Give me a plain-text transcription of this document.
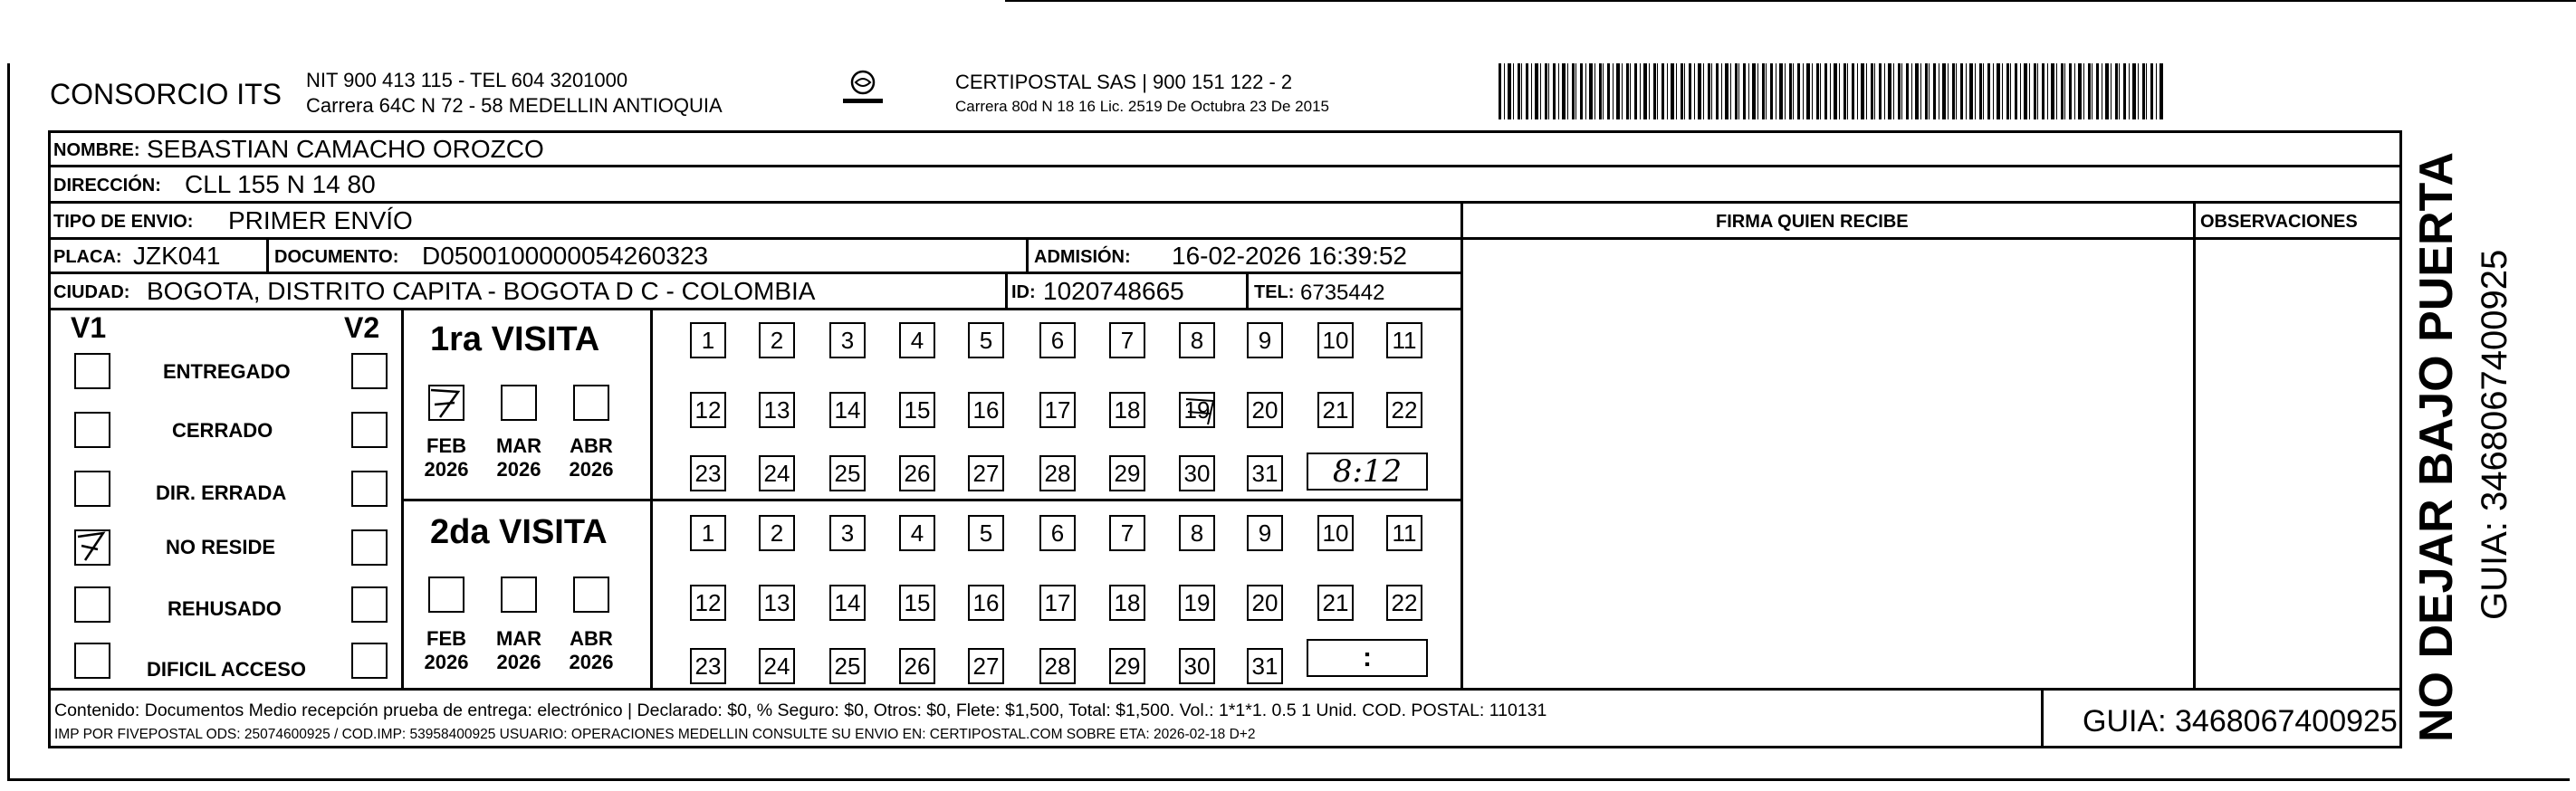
CONSORCIO ITS NIT 900 413 115 - TEL 604 3201000
Carrera 64C N 72 - 58 MEDELLIN ANTIOQUIA
CERTIPOSTAL SAS | 900 151 122 - 2
Carrera 80d N 18 16 Lic. 2519 De Octubra 23 De 2015
NOMBRE: SEBASTIAN CAMACHO OROZCO
DIRECCIÓN: CLL 155 N 14 80
TIPO DE ENVIO: PRIMER ENVÍO	FIRMA QUIEN RECIBE	OBSERVACIONES
PLACA: JZK041	DOCUMENTO: D0500100000054260323	ADMISIÓN: 16-02-2026 16:39:52
CIUDAD: BOGOTA, DISTRITO CAPITA - BOGOTA D C - COLOMBIA	ID: 1020748665	TEL: 6735442
V1	V2
ENTREGADO
CERRADO
DIR. ERRADA
NO RESIDE
REHUSADO
DIFICIL ACCESO
1ra VISITA
FEB
2026
MAR
2026
ABR
2026
1	2	3	4	5	6	7	8	9	10 11
12 13 14 15 16 17 18 19 20 21 22
23 24 25 26 27 28 29 30 31 8:12
2da VISITA
FEB
2026
MAR
2026
ABR
2026
1	2	3	4	5	6	7	8	9	10 11
12 13 14 15 16 17 18 19 20 21 22
23 24 25 26 27 28 29 30 31	:
Contenido: Documentos Medio recepción prueba de entrega: electrónico | Declarado: $0, % Seguro: $0, Otros: $0, Flete: $1,500, Total: $1,500. Vol.: 1*1*1. 0.5 1 Unid. COD. POSTAL: 110131
IMP POR FIVEPOSTAL ODS: 25074600925 / COD.IMP: 53958400925 USUARIO: OPERACIONES MEDELLIN CONSULTE SU ENVIO EN: CERTIPOSTAL.COM SOBRE ETA: 2026-02-18 D+2	GUIA: 3468067400925 NO DEJAR BAJO PUERTA GUIA: 3468067400925
